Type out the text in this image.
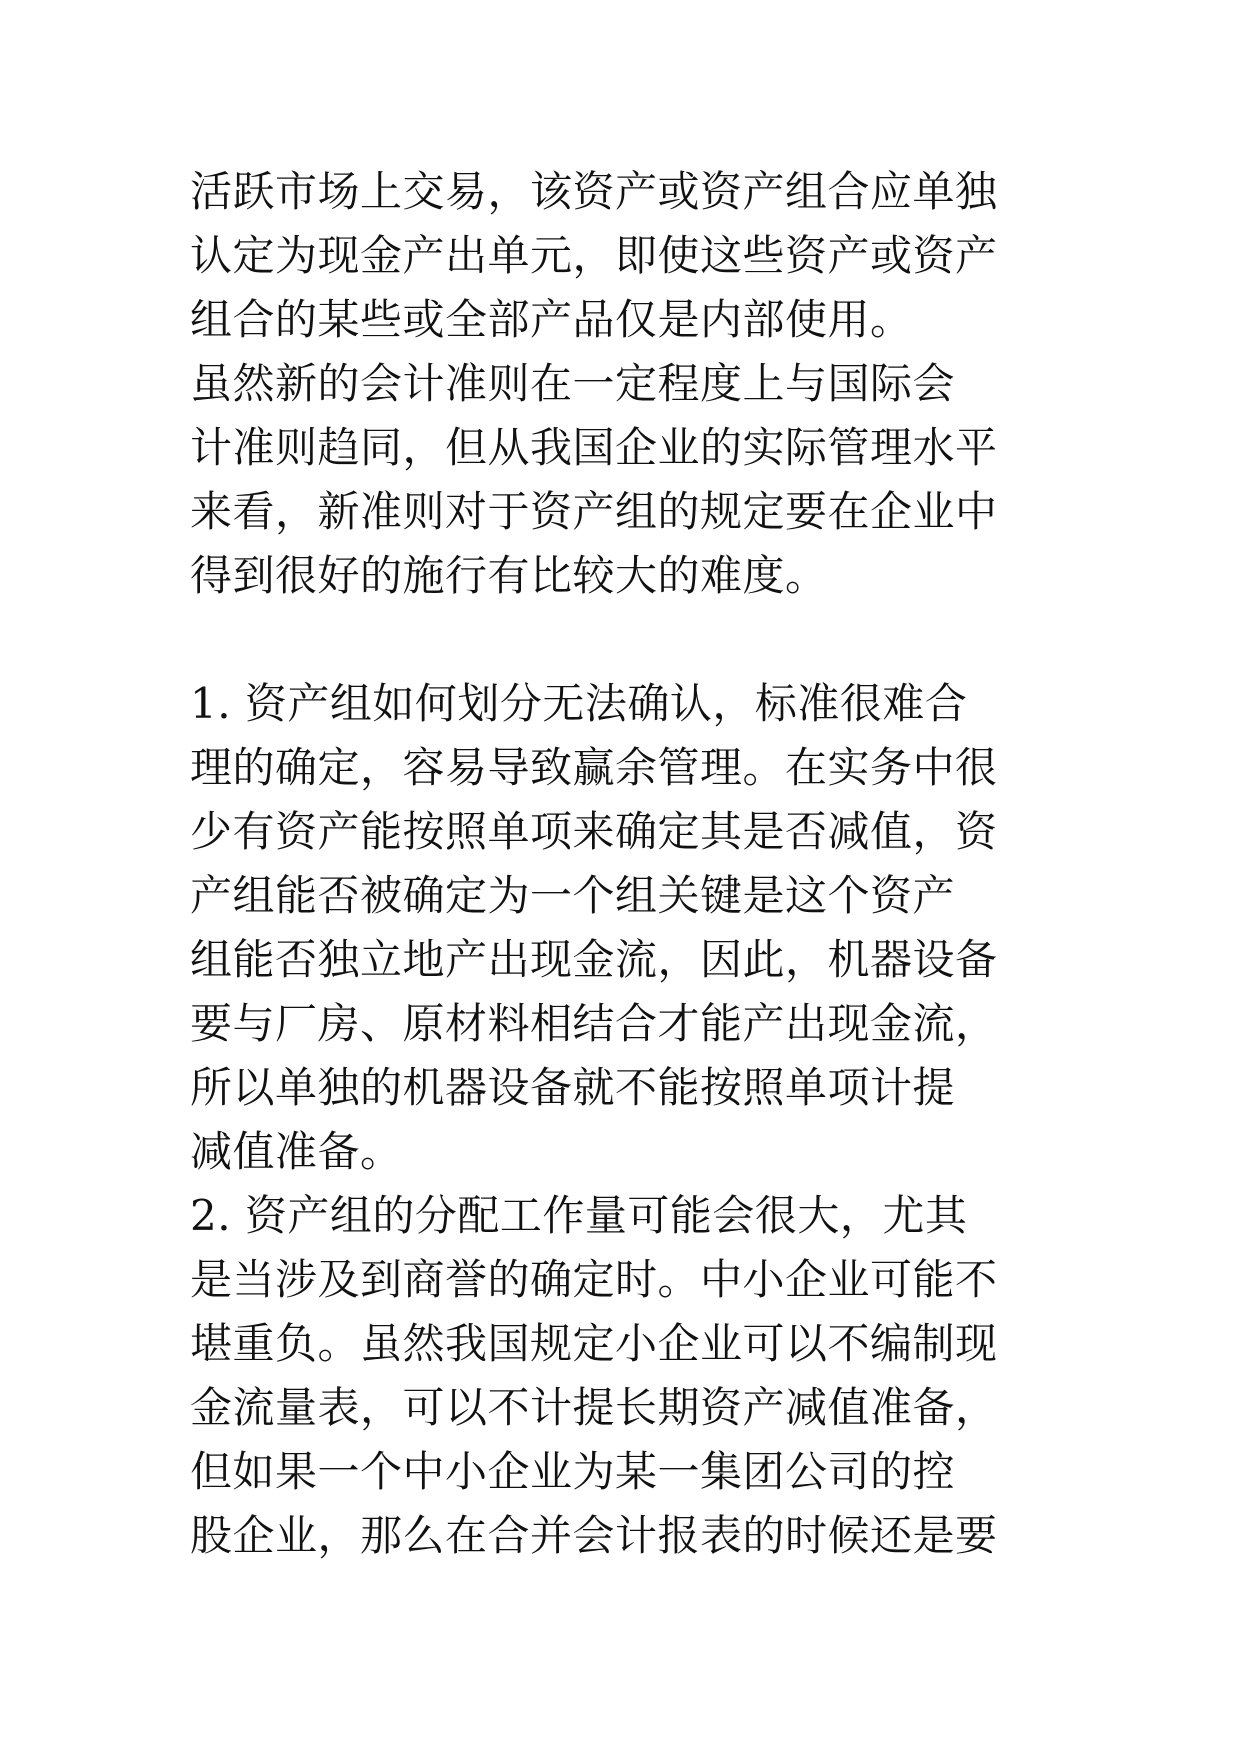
活跃市场上交易，该资产或资产组合应单独
认定为现金产出单元，即使这些资产或资产
组合的某些或全部产品仅是内部使用。
虽然新的会计准则在一定程度上与国际会
计准则趋同，但从我国企业的实际管理水平
来看，新准则对于资产组的规定要在企业中
得到很好的施行有比较大的难度。
1. 资产组如何划分无法确认，标准很难合
理的确定，容易导致赢余管理。在实务中很
少有资产能按照单项来确定其是否减值，资
产组能否被确定为一个组关键是这个资产
组能否独立地产出现金流，因此，机器设备
要与厂房、原材料相结合才能产出现金流，
所以单独的机器设备就不能按照单项计提
减值准备。
2. 资产组的分配工作量可能会很大，尤其
是当涉及到商誉的确定时。中小企业可能不
堪重负。虽然我国规定小企业可以不编制现
金流量表，可以不计提长期资产减值准备，
但如果一个中小企业为某一集团公司的控
股企业，那么在合并会计报表的时候还是要
